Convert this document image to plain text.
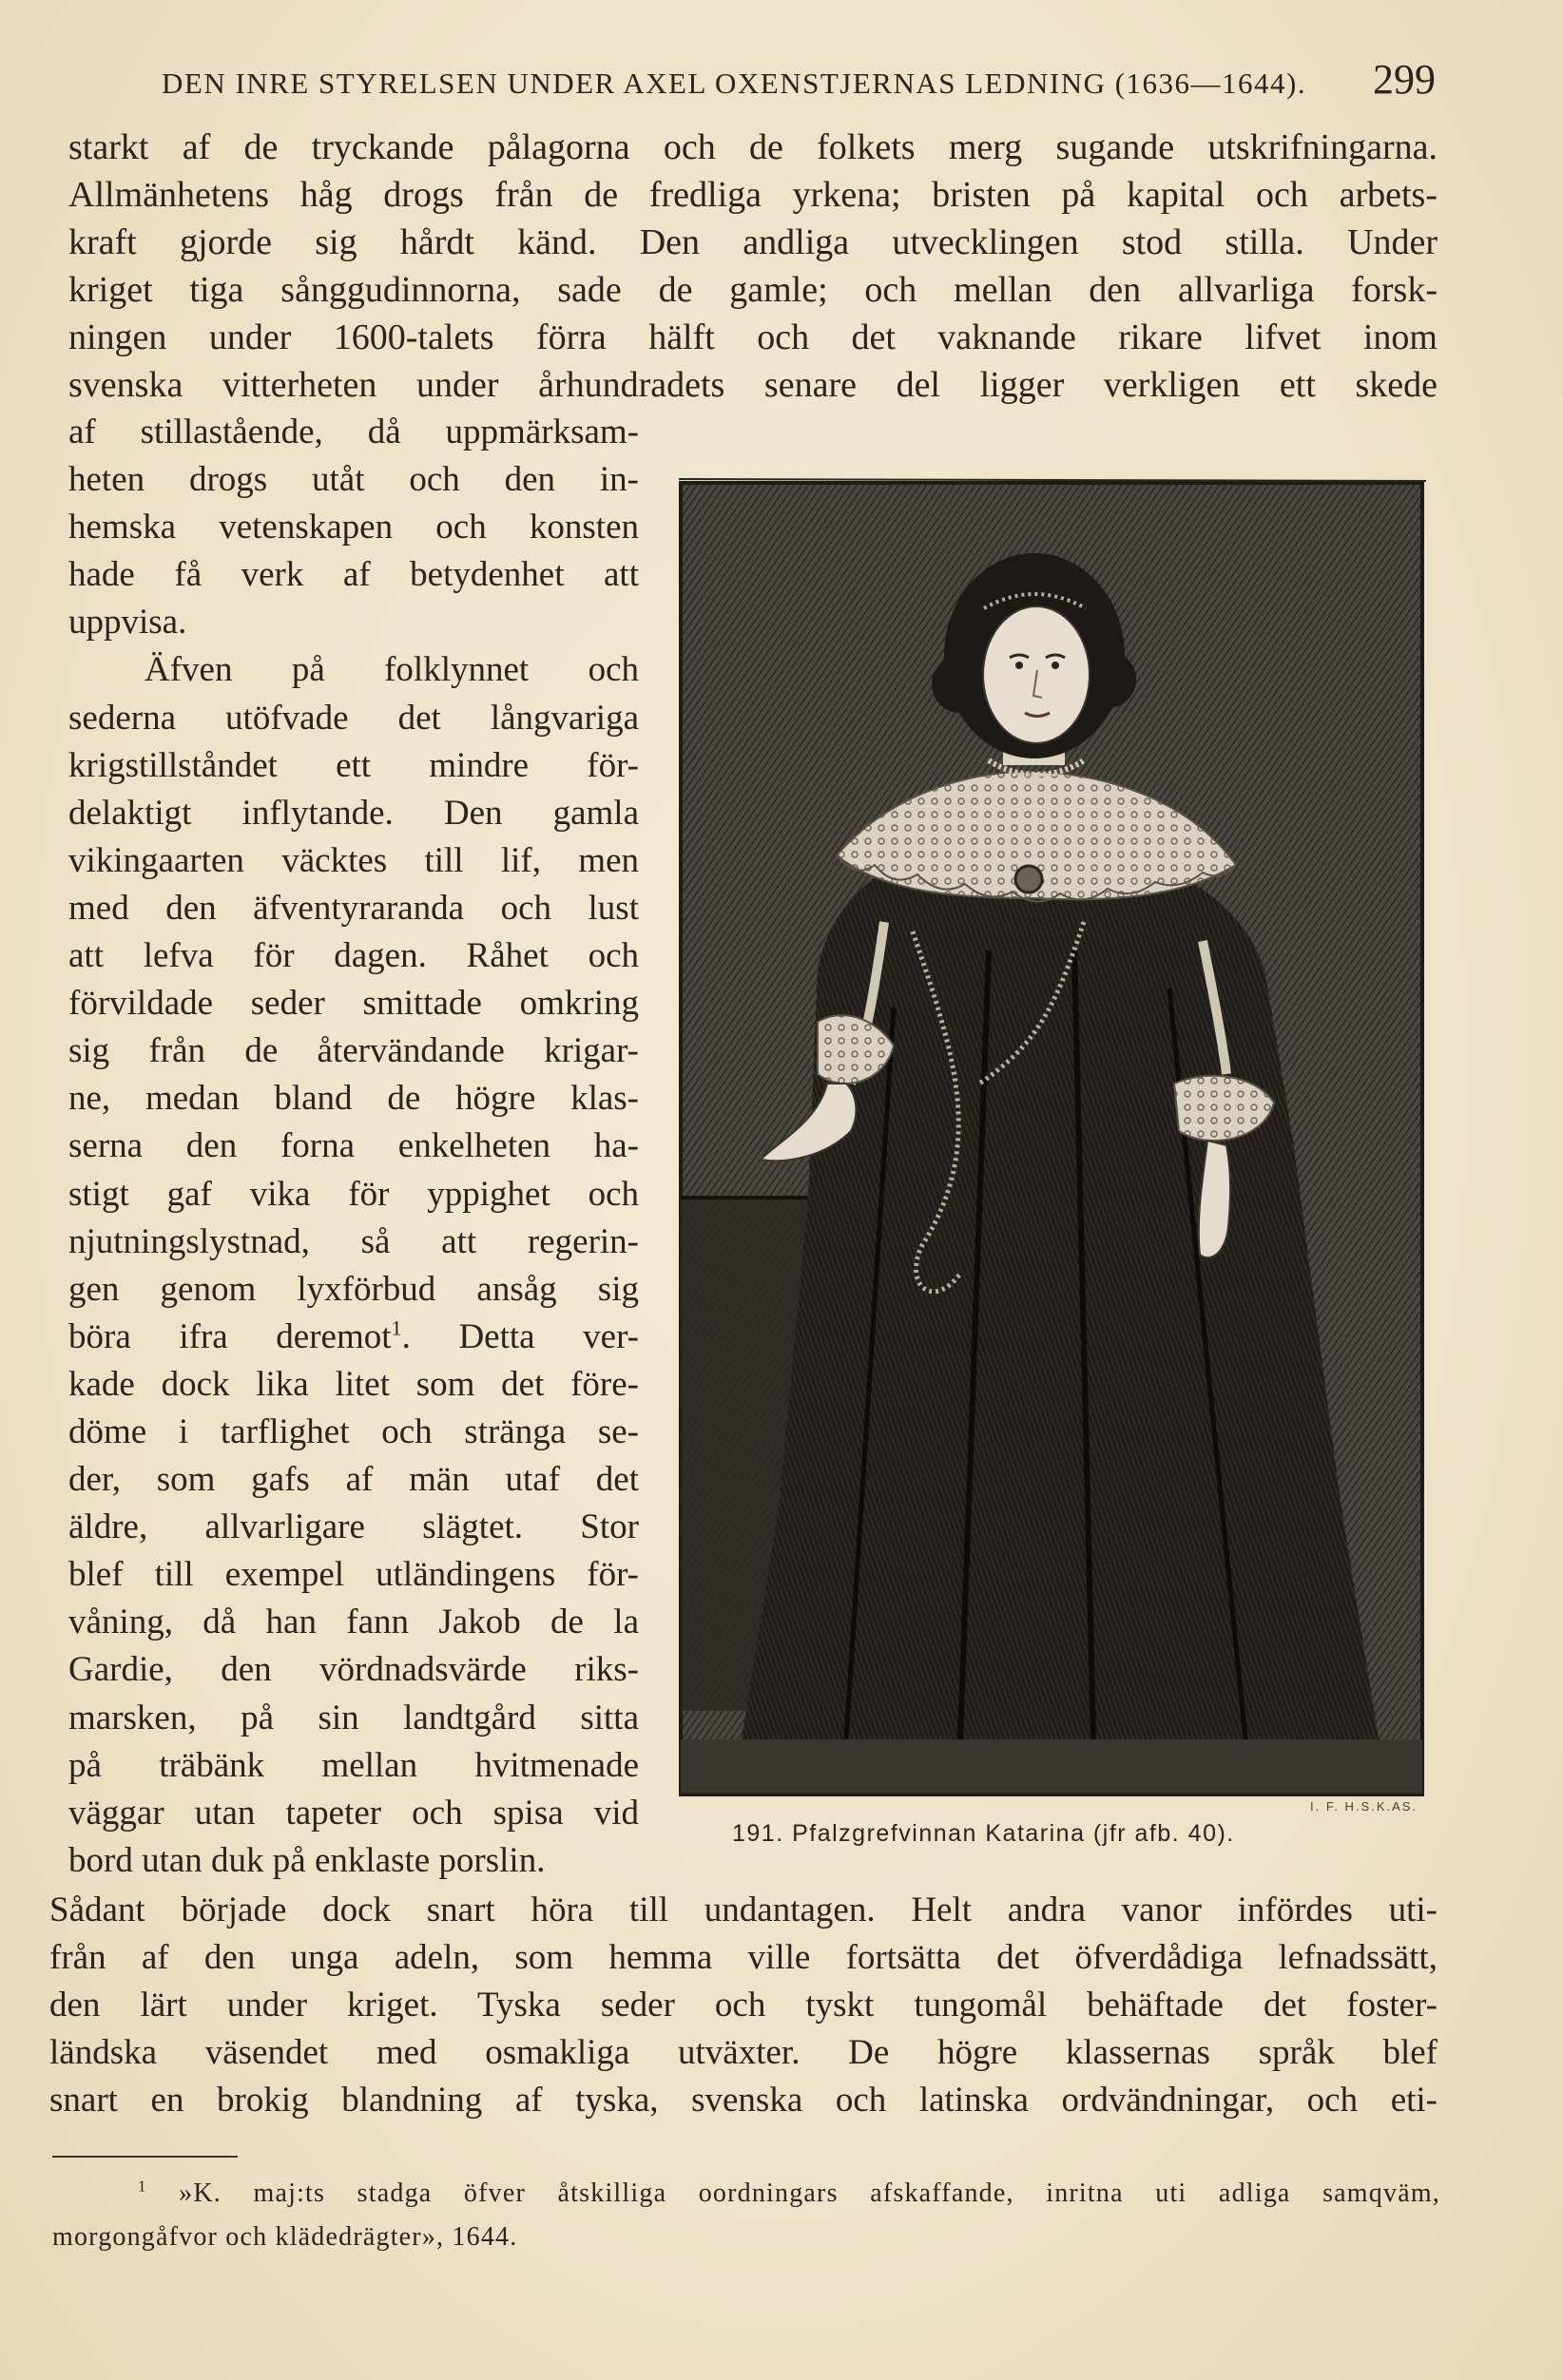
DEN INRE STYRELSEN UNDER AXEL OXENSTJERNAS LEDNING (1636—1644). 299
starkt af de tryckande pålagorna och de folkets merg sugande utskrifningarna.
Allmänhetens håg drogs från de fredliga yrkena; bristen på kapital och arbets-
kraft gjorde sig hårdt känd. Den andliga utvecklingen stod stilla. Under
kriget tiga sånggudinnorna, sade de gamle; och mellan den allvarliga forsk-
ningen under 1600-talets förra hälft och det vaknande rikare lifvet inom
svenska vitterheten under århundradets senare del ligger verkligen ett skede
af stillastående, då uppmärksam-
heten drogs utåt och den in-
hemska vetenskapen och konsten
hade få verk af betydenhet att
uppvisa.
Äfven på folklynnet och
sederna utöfvade det långvariga
krigstillståndet ett mindre för-
delaktigt inflytande. Den gamla
vikingaarten väcktes till lif, men
med den äfventyraranda och lust
att lefva för dagen. Råhet och
förvildade seder smittade omkring
sig från de återvändande krigar-
ne, medan bland de högre klas-
serna den forna enkelheten ha-
stigt gaf vika för yppighet och
njutningslystnad, så att regerin-
gen genom lyxförbud ansåg sig
böra ifra deremot$^1$. Detta ver-
kade dock lika litet som det före-
döme i tarflighet och stränga se-
der, som gafs af män utaf det
äldre, allvarligare slägtet. Stor
blef till exempel utländingens för-
våning, då han fann Jakob de la
Gardie, den vördnadsvärde riks-
marsken, på sin landtgård sitta
på träbänk mellan hvitmenade
väggar utan tapeter och spisa vid
bord utan duk på enklaste porslin.
I. F. H.S.K.AS.
191. Pfalzgrefvinnan Katarina (jfr afb. 40).
Sådant började dock snart höra till undantagen. Helt andra vanor infördes uti-
från af den unga adeln, som hemma ville fortsätta det öfverdådiga lefnadssätt,
den lärt under kriget. Tyska seder och tyskt tungomål behäftade det foster-
ländska väsendet med osmakliga utväxter. De högre klassernas språk blef
snart en brokig blandning af tyska, svenska och latinska ordvändningar, och eti-
$^1$ »K. maj:ts stadga öfver åtskilliga oordningars afskaffande, inritna uti adliga samqväm,
morgongåfvor och klädedrägter», 1644.
